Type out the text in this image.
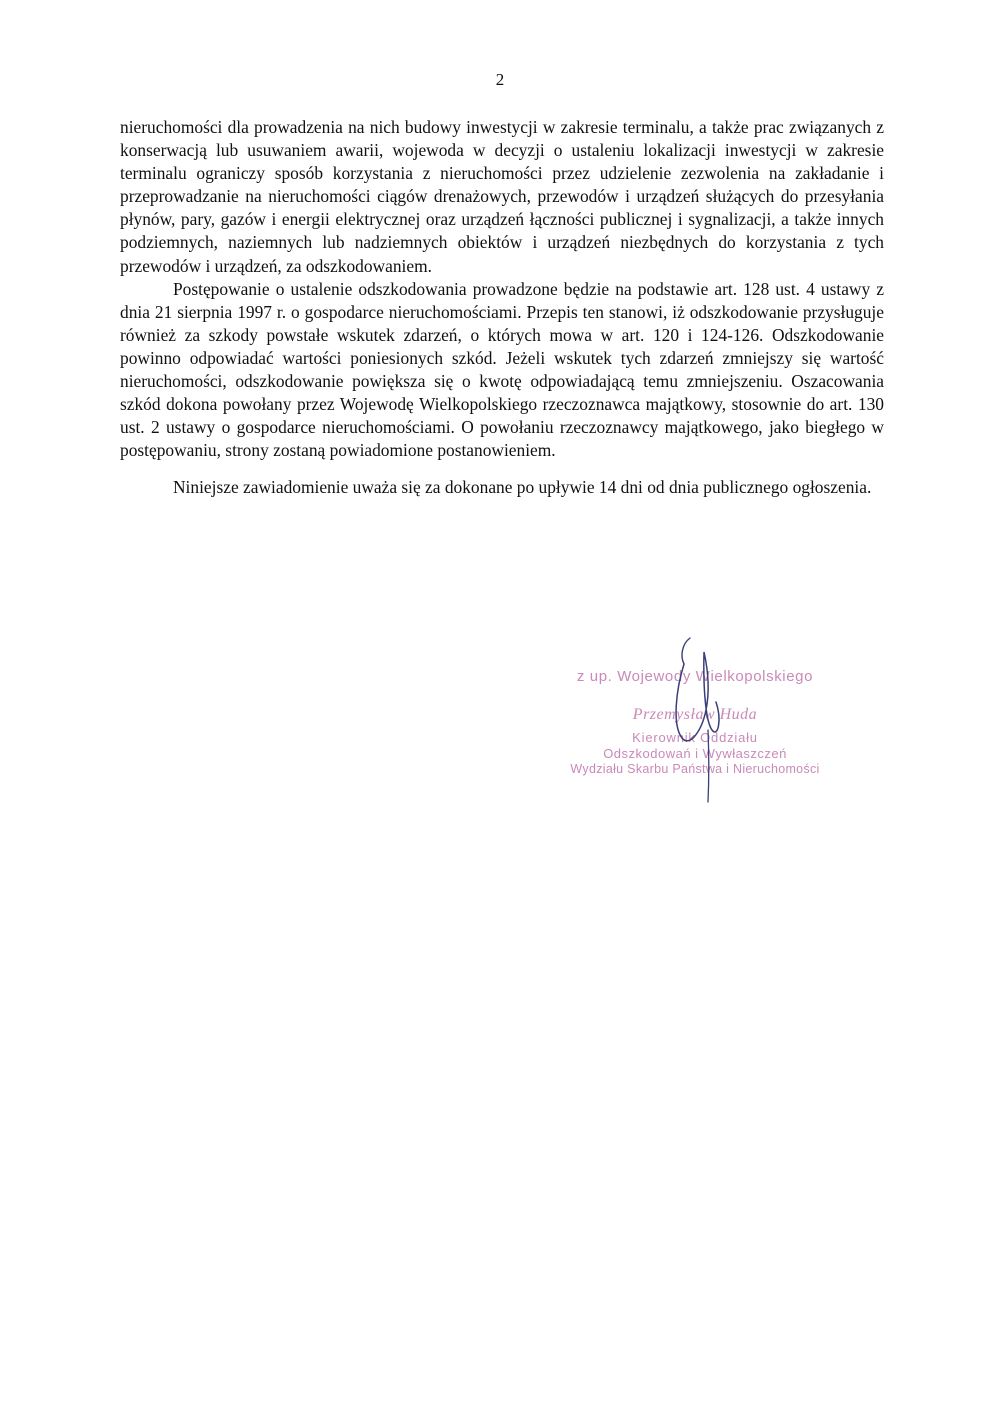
2

nieruchomości dla prowadzenia na nich budowy inwestycji w zakresie terminalu, a także prac związanych z konserwacją lub usuwaniem awarii, wojewoda w decyzji o ustaleniu lokalizacji inwestycji w zakresie terminalu ograniczy sposób korzystania z nieruchomości przez udzielenie zezwolenia na zakładanie i przeprowadzanie na nieruchomości ciągów drenażowych, przewodów i urządzeń służących do przesyłania płynów, pary, gazów i energii elektrycznej oraz urządzeń łączności publicznej i sygnalizacji, a także innych podziemnych, naziemnych lub nadziemnych obiektów i urządzeń niezbędnych do korzystania z tych przewodów i urządzeń, za odszkodowaniem.

Postępowanie o ustalenie odszkodowania prowadzone będzie na podstawie art. 128 ust. 4 ustawy z dnia 21 sierpnia 1997 r. o gospodarce nieruchomościami. Przepis ten stanowi, iż odszkodowanie przysługuje również za szkody powstałe wskutek zdarzeń, o których mowa w art. 120 i 124-126. Odszkodowanie powinno odpowiadać wartości poniesionych szkód. Jeżeli wskutek tych zdarzeń zmniejszy się wartość nieruchomości, odszkodowanie powiększa się o kwotę odpowiadającą temu zmniejszeniu. Oszacowania szkód dokona powołany przez Wojewodę Wielkopolskiego rzeczoznawca majątkowy, stosownie do art. 130 ust. 2 ustawy o gospodarce nieruchomościami. O powołaniu rzeczoznawcy majątkowego, jako biegłego w postępowaniu, strony zostaną powiadomione postanowieniem.

Niniejsze zawiadomienie uważa się za dokonane po upływie 14 dni od dnia publicznego ogłoszenia.

z up. Wojewody Wielkopolskiego
Przemysław Huda
Kierownik Oddziału
Odszkodowań i Wywłaszczeń
Wydziału Skarbu Państwa i Nieruchomości
